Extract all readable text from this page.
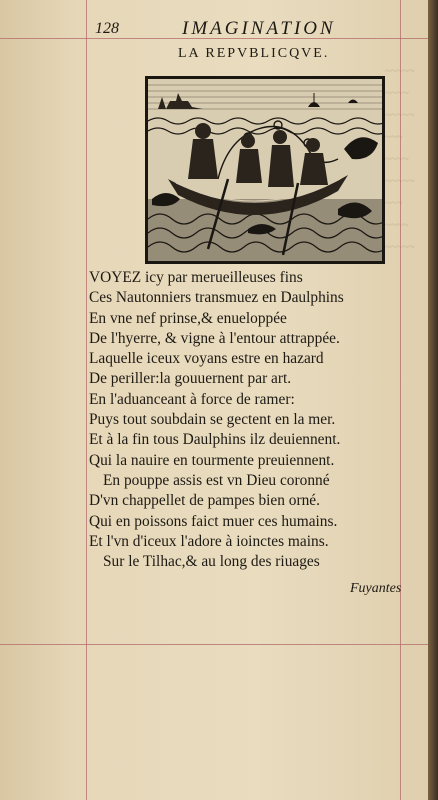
~~~~~
~~~~
~~~~~
~~~
~~~~
~~~~~
~~~
~~~~
~~~~~
128	IMAGINATION
LA REPVBLICQVE.
VOYEZ icy par merueilleuses fins
Ces Nautonniers transmuez en Daulphins
En vne nef prinse,& enueloppée
De l'hyerre, & vigne à l'entour attrappée.
Laquelle iceux voyans estre en hazard
De periller:la gouuernent par art.
En l'aduanceant à force de ramer:
Puys tout soubdain se gectent en la mer.
Et à la fin tous Daulphins ilz deuiennent.
Qui la nauire en tourmente preuiennent.
En pouppe assis est vn Dieu coronné
D'vn chappellet de pampes bien orné.
Qui en poissons faict muer ces humains.
Et l'vn d'iceux l'adore à ioinctes mains.
Sur le Tilhac,& au long des riuages
Fuyantes
